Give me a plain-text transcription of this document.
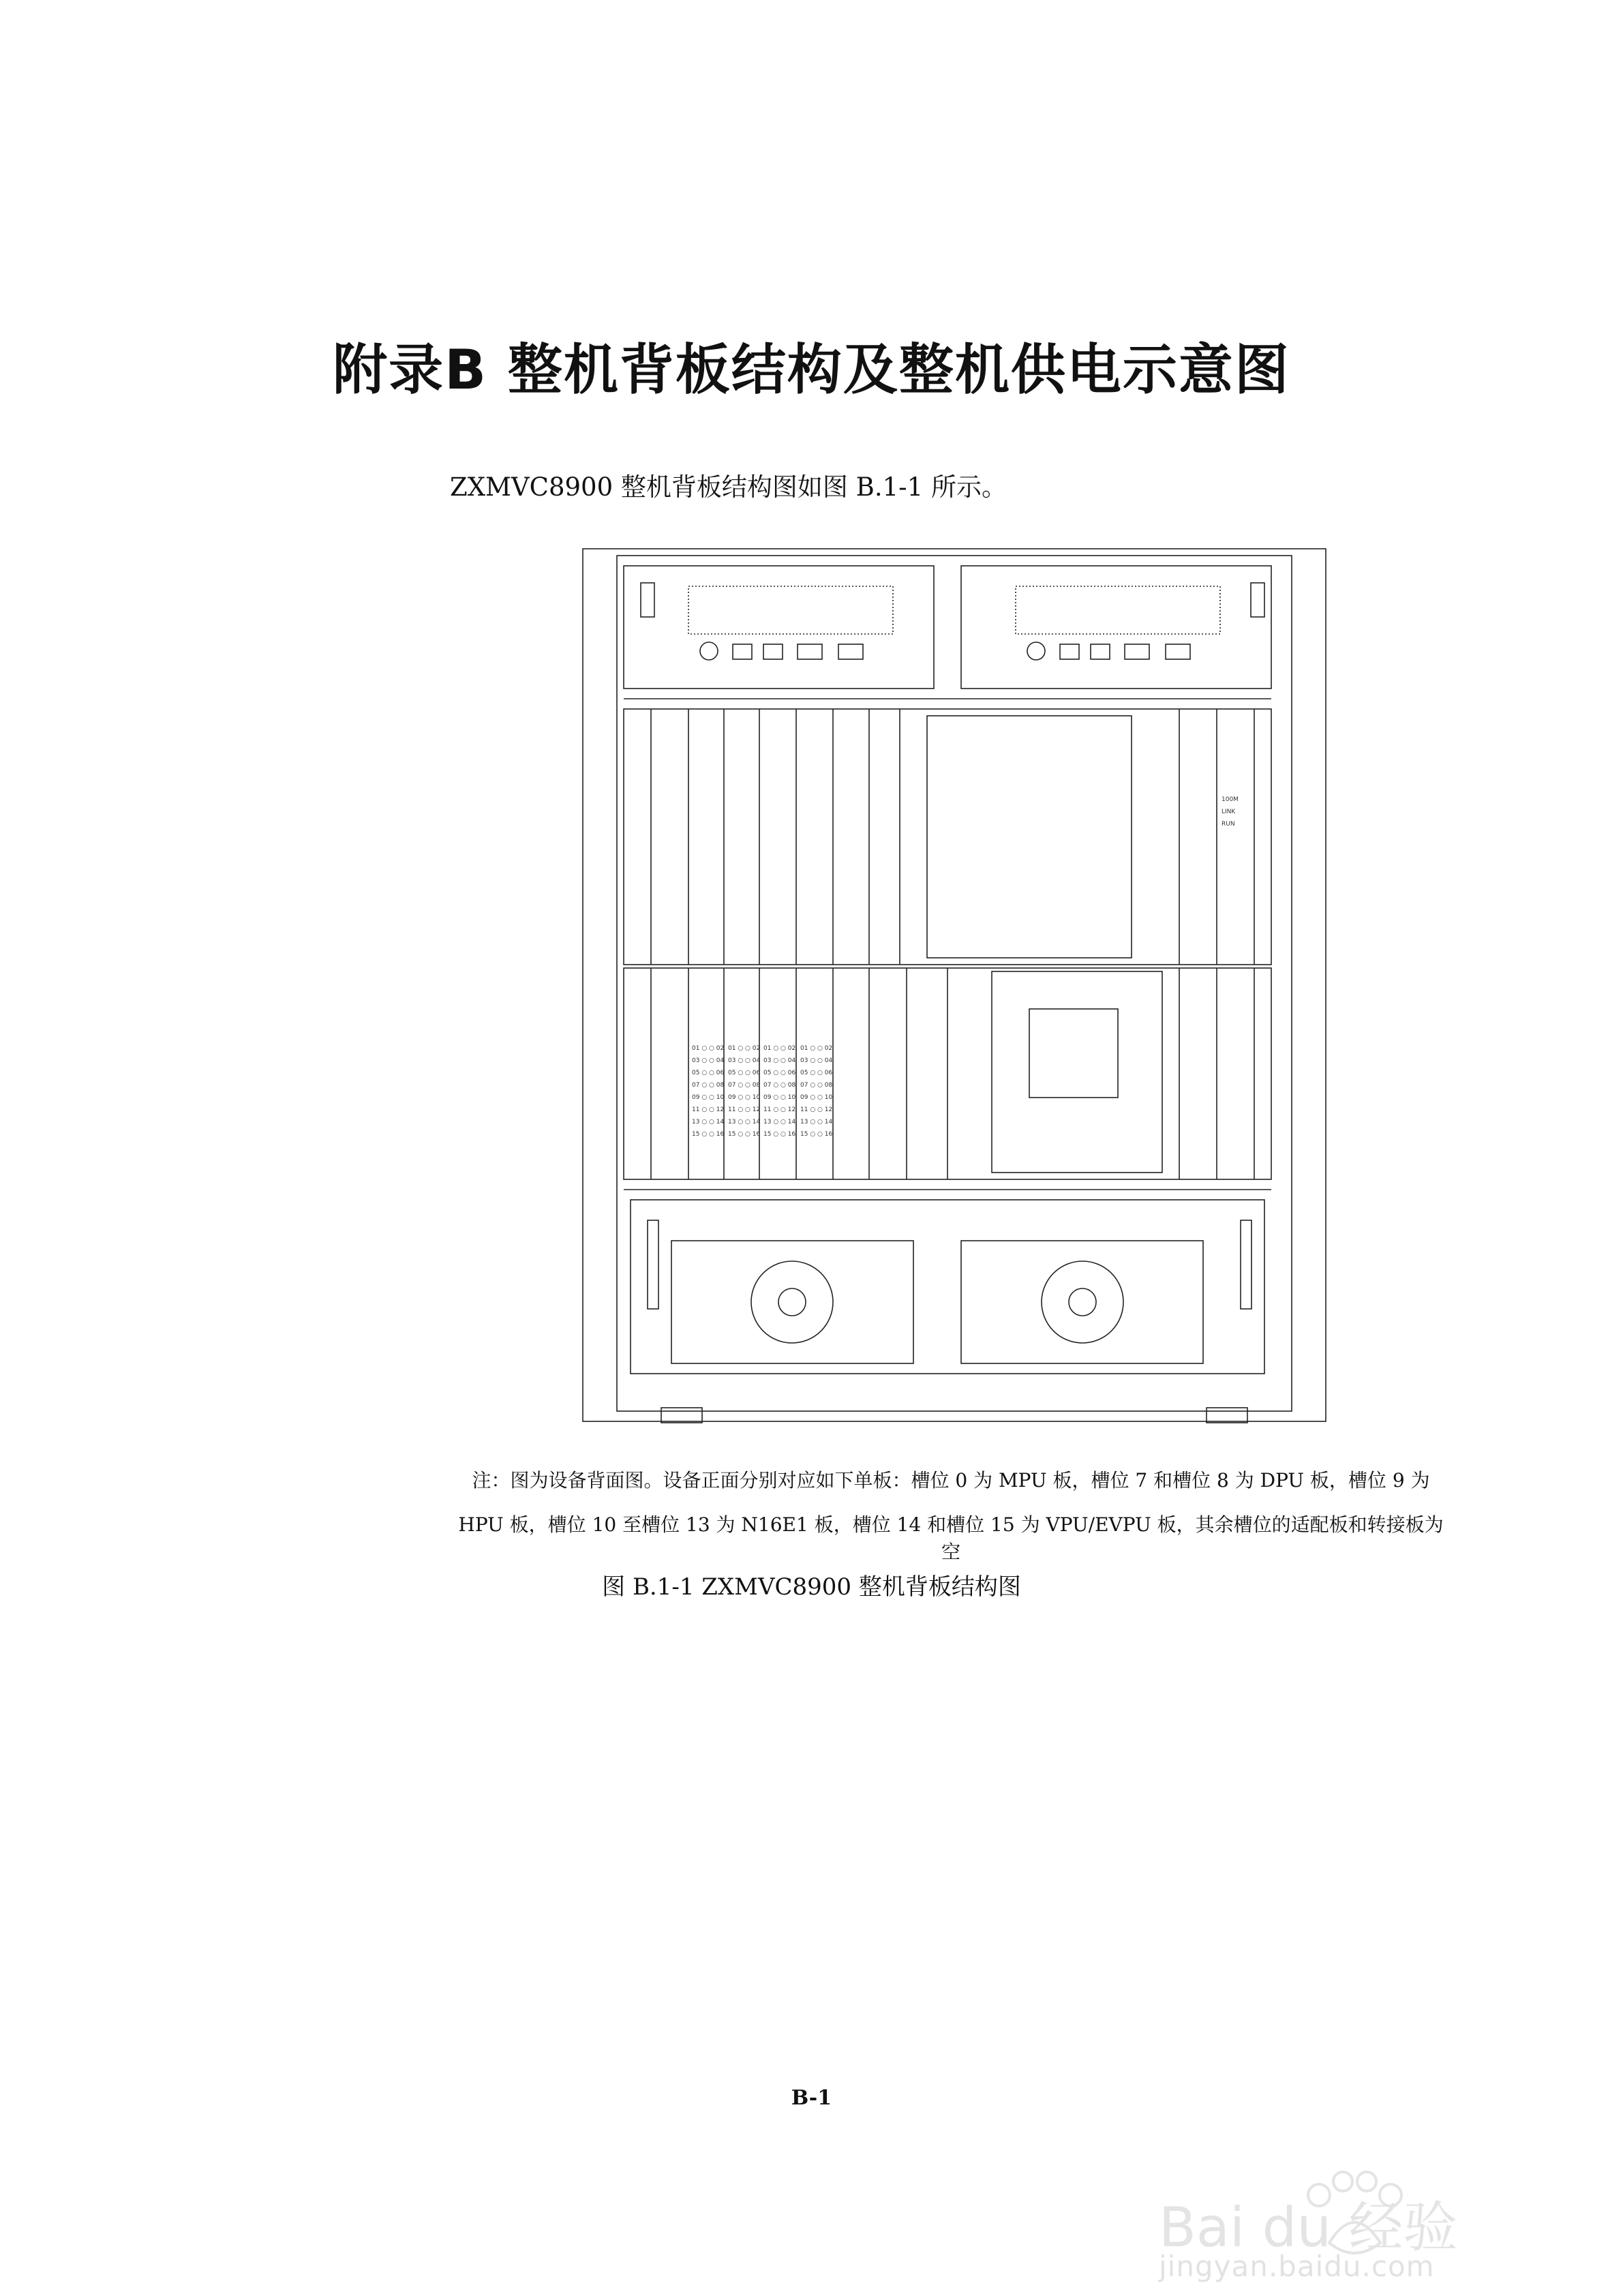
附录B 整机背板结构及整机供电示意图
ZXMVC8900 整机背板结构图如图 B.1-1 所示。
01 ○ ○ 02
03 ○ ○ 04
05 ○ ○ 06
07 ○ ○ 08
09 ○ ○ 10
11 ○ ○ 12
13 ○ ○ 14
15 ○ ○ 16
01 ○ ○ 02
03 ○ ○ 04
05 ○ ○ 06
07 ○ ○ 08
09 ○ ○ 10
11 ○ ○ 12
13 ○ ○ 14
15 ○ ○ 16
01 ○ ○ 02
03 ○ ○ 04
05 ○ ○ 06
07 ○ ○ 08
09 ○ ○ 10
11 ○ ○ 12
13 ○ ○ 14
15 ○ ○ 16
01 ○ ○ 02
03 ○ ○ 04
05 ○ ○ 06
07 ○ ○ 08
09 ○ ○ 10
11 ○ ○ 12
13 ○ ○ 14
15 ○ ○ 16
100M
LINK
RUN
注：图为设备背面图。设备正面分别对应如下单板：槽位 0 为 MPU 板，槽位 7 和槽位 8 为 DPU 板，槽位 9 为
HPU 板，槽位 10 至槽位 13 为 N16E1 板，槽位 14 和槽位 15 为 VPU/EVPU 板，其余槽位的适配板和转接板为空
图 B.1-1 ZXMVC8900 整机背板结构图
B-1
Bai du 经验
jingyan.baidu.com
